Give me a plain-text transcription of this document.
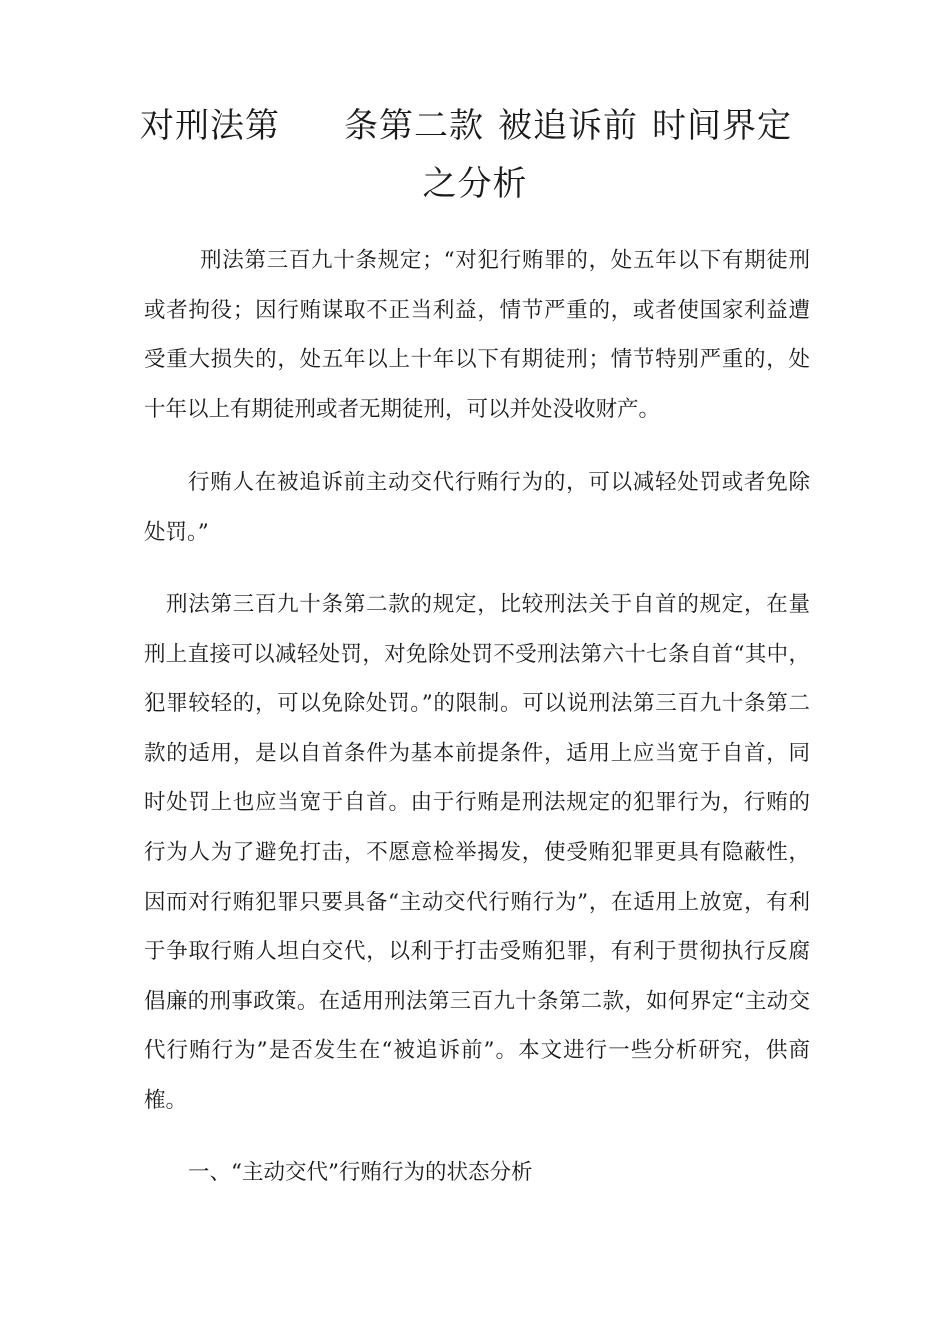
对刑法第 条第二款 被追诉前 时间界定
之分析

刑法第三百九十条规定；“对犯行贿罪的，处五年以下有期徒刑或者拘役；因行贿谋取不正当利益，情节严重的，或者使国家利益遭受重大损失的，处五年以上十年以下有期徒刑；情节特别严重的，处十年以上有期徒刑或者无期徒刑，可以并处没收财产。

行贿人在被追诉前主动交代行贿行为的，可以减轻处罚或者免除处罚。”

刑法第三百九十条第二款的规定，比较刑法关于自首的规定，在量刑上直接可以减轻处罚，对免除处罚不受刑法第六十七条自首“其中，犯罪较轻的，可以免除处罚。”的限制。可以说刑法第三百九十条第二款的适用，是以自首条件为基本前提条件，适用上应当宽于自首，同时处罚上也应当宽于自首。由于行贿是刑法规定的犯罪行为，行贿的行为人为了避免打击，不愿意检举揭发，使受贿犯罪更具有隐蔽性，因而对行贿犯罪只要具备“主动交代行贿行为”，在适用上放宽，有利于争取行贿人坦白交代，以利于打击受贿犯罪，有利于贯彻执行反腐倡廉的刑事政策。在适用刑法第三百九十条第二款，如何界定“主动交代行贿行为”是否发生在“被追诉前”。本文进行一些分析研究，供商榷。

一、“主动交代”行贿行为的状态分析
